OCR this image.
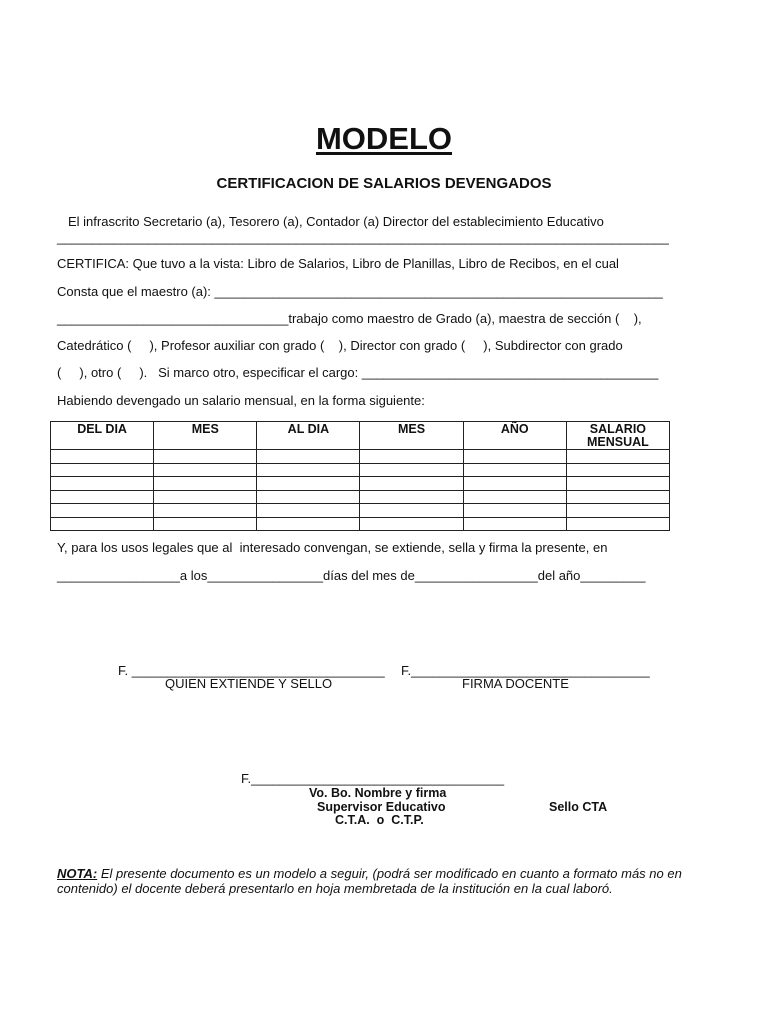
MODELO
CERTIFICACION DE SALARIOS DEVENGADOS
El infrascrito Secretario (a), Tesorero (a), Contador (a) Director del establecimiento Educativo
_______________________________________________________________________________________
CERTIFICA: Que tuvo a la vista: Libro de Salarios, Libro de Planillas, Libro de Recibos, en el cual
Consta que el maestro (a): ______________________________________________________________
________________________________trabajo como maestro de Grado (a), maestra de sección (    ),
Catedrático (     ), Profesor auxiliar con grado (    ), Director con grado (     ), Subdirector con grado
(     ), otro (     ).   Si marco otro, especificar el cargo: _________________________________________
Habiendo devengado un salario mensual, en la forma siguiente:
DEL DIA	MES	AL DIA	MES	AÑO	SALARIO
MENSUAL

Y, para los usos legales que al  interesado convengan, se extiende, sella y firma la presente, en
_________________a los________________días del mes de_________________del año_________
F. ___________________________________
QUIEN EXTIENDE Y SELLO
F._________________________________
FIRMA DOCENTE
F.___________________________________
Vo. Bo. Nombre y firma
Supervisor Educativo	Sello CTA
C.T.A.  o  C.T.P.
NOTA: El presente documento es un modelo a seguir, (podrá ser modificado en cuanto a formato más no en contenido) el docente deberá presentarlo en hoja membretada de la institución en la cual laboró.
